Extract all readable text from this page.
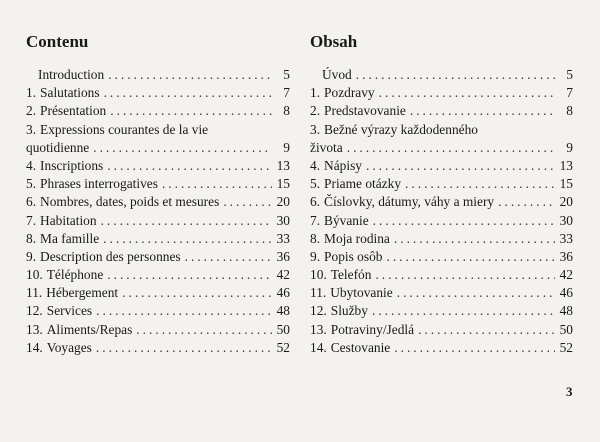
Contenu
Introduction .....	5
1. Salutations .....	7
2. Présentation .....	8
3. Expressions courantes de la vie
quotidienne .....	9
4. Inscriptions .....	13
5. Phrases interrogatives .....	15
6. Nombres, dates, poids et mesures .....	20
7. Habitation .....	30
8. Ma famille .....	33
9. Description des personnes .....	36
10. Téléphone .....	42
11. Hébergement .....	46
12. Services .....	48
13. Aliments/Repas .....	50
14. Voyages .....	52
Obsah
Úvod .....	5
1. Pozdravy .....	7
2. Predstavovanie .....	8
3. Bežné výrazy každodenného
života .....	9
4. Nápisy .....	13
5. Priame otázky .....	15
6. Číslovky, dátumy, váhy a miery .....	20
7. Bývanie .....	30
8. Moja rodina .....	33
9. Popis osôb .....	36
10. Telefón .....	42
11. Ubytovanie .....	46
12. Služby .....	48
13. Potraviny/Jedlá .....	50
14. Cestovanie .....	52
3
